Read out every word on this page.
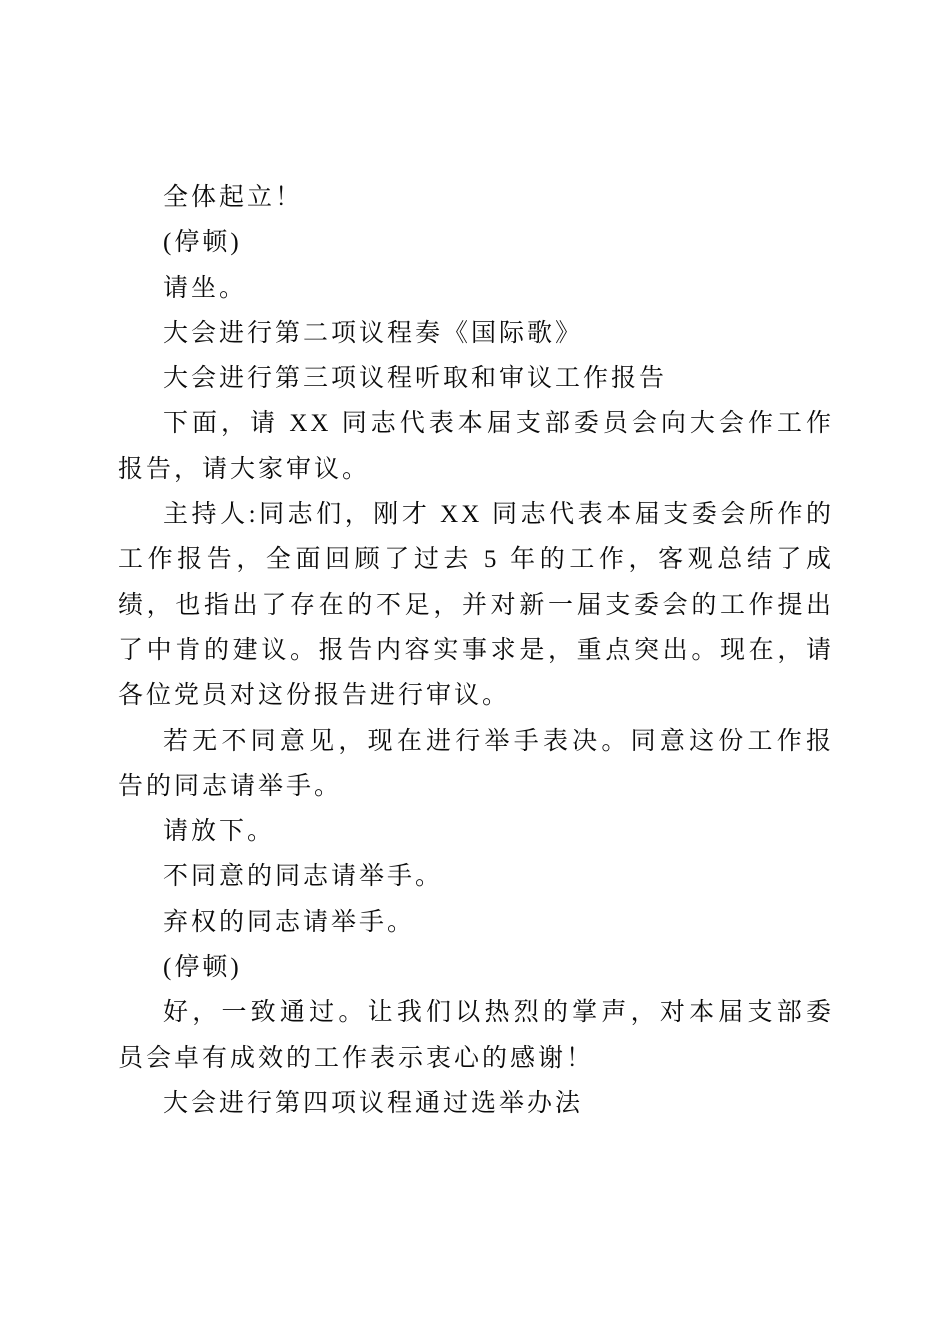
全体起立！

(停顿)

请坐。

大会进行第二项议程奏《国际歌》

大会进行第三项议程听取和审议工作报告

下面，请 XX 同志代表本届支部委员会向大会作工作报告，请大家审议。

主持人:同志们，刚才 XX 同志代表本届支委会所作的工作报告，全面回顾了过去 5 年的工作，客观总结了成绩，也指出了存在的不足，并对新一届支委会的工作提出了中肯的建议。报告内容实事求是，重点突出。现在，请各位党员对这份报告进行审议。

若无不同意见，现在进行举手表决。同意这份工作报告的同志请举手。

请放下。

不同意的同志请举手。

弃权的同志请举手。

(停顿)

好，一致通过。让我们以热烈的掌声，对本届支部委员会卓有成效的工作表示衷心的感谢！

大会进行第四项议程通过选举办法
